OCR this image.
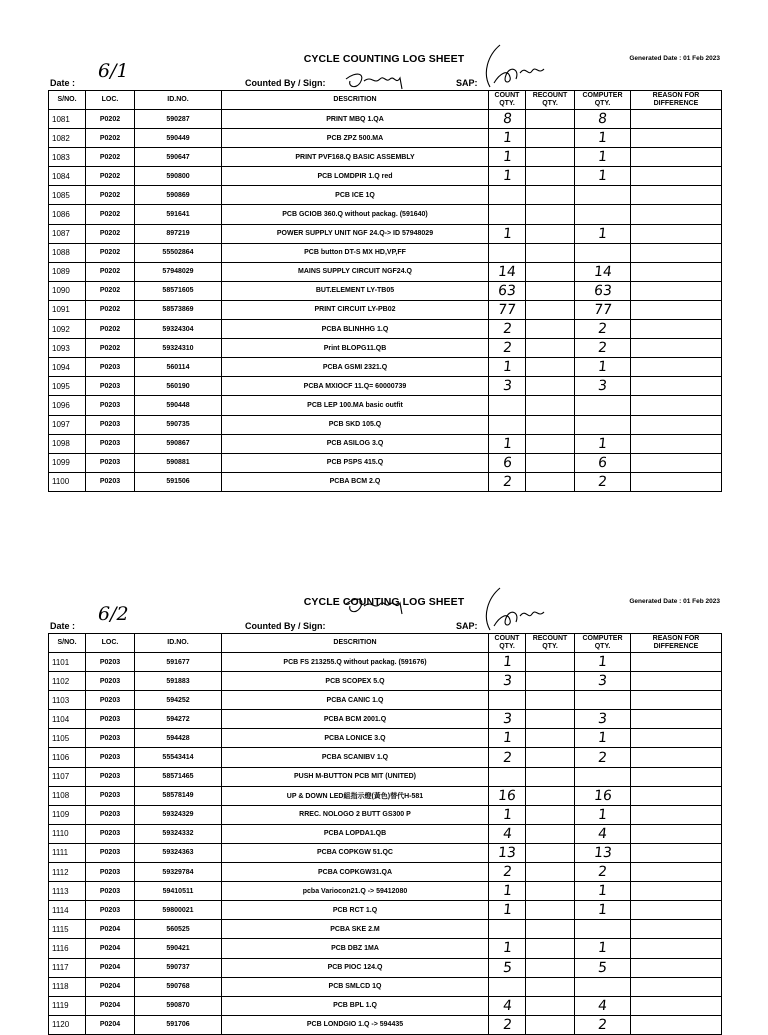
CYCLE COUNTING LOG SHEET	Generated Date : 01 Feb 2023
Date :
6/1
Counted By / Sign:	SAP:
S/NO.	LOC.	ID.NO.	DESCRITION	COUNT QTY.	RECOUNT QTY.	COMPUTER QTY.	REASON FOR DIFFERENCE
1081	P0202	590287	PRINT MBQ 1.QA	8		8	
1082	P0202	590449	PCB ZPZ 500.MA	1		1	
1083	P0202	590647	PRINT PVF168.Q BASIC ASSEMBLY	1		1	
1084	P0202	590800	PCB LOMDPIR 1.Q red	1		1	
1085	P0202	590869	PCB ICE 1Q				
1086	P0202	591641	PCB GCIOB 360.Q without packag. (591640)				
1087	P0202	897219	POWER SUPPLY UNIT NGF 24.Q-> ID 57948029	1		1	
1088	P0202	55502864	PCB button DT-S MX HD,VP,FF				
1089	P0202	57948029	MAINS SUPPLY CIRCUIT NGF24.Q	14		14	
1090	P0202	58571605	BUT.ELEMENT LY-TB05	63		63	
1091	P0202	58573869	PRINT CIRCUIT LY-PB02	77		77	
1092	P0202	59324304	PCBA BLINHHG 1.Q	2		2	
1093	P0202	59324310	Print BLOPG11.QB	2		2	
1094	P0203	560114	PCBA GSMI 2321.Q	1		1	
1095	P0203	560190	PCBA MXIOCF 11.Q= 60000739	3		3	
1096	P0203	590448	PCB LEP 100.MA basic outfit				
1097	P0203	590735	PCB SKD 105.Q				
1098	P0203	590867	PCB ASILOG 3.Q	1		1	
1099	P0203	590881	PCB PSPS 415.Q	6		6	
1100	P0203	591506	PCBA BCM 2.Q	2		2	
CYCLE COUNTING LOG SHEET	Generated Date : 01 Feb 2023
Date :
6/2
Counted By / Sign:	SAP:
S/NO.	LOC.	ID.NO.	DESCRITION	COUNT QTY.	RECOUNT QTY.	COMPUTER QTY.	REASON FOR DIFFERENCE
1101	P0203	591677	PCB FS 213255.Q without packag. (591676)	1		1	
1102	P0203	591883	PCB SCOPEX 5.Q	3		3	
1103	P0203	594252	PCBA CANIC 1.Q				
1104	P0203	594272	PCBA BCM 2001.Q	3		3	
1105	P0203	594428	PCBA LONICE 3.Q	1		1	
1106	P0203	55543414	PCBA SCANIBV 1.Q	2		2	
1107	P0203	58571465	PUSH M-BUTTON PCB MIT (UNITED)				
1108	P0203	58578149	UP & DOWN LED組指示燈(黃色)替代H-581	16		16	
1109	P0203	59324329	RREC. NOLOGO 2 BUTT GS300 P	1		1	
1110	P0203	59324332	PCBA LOPDA1.QB	4		4	
1111	P0203	59324363	PCBA COPKGW 51.QC	13		13	
1112	P0203	59329784	PCBA COPKGW31.QA	2		2	
1113	P0203	59410511	pcba Variocon21.Q -> 59412080	1		1	
1114	P0203	59800021	PCB RCT 1.Q	1		1	
1115	P0204	560525	PCBA SKE 2.M				
1116	P0204	590421	PCB DBZ 1MA	1		1	
1117	P0204	590737	PCB PIOC 124.Q	5		5	
1118	P0204	590768	PCB SMLCD 1Q				
1119	P0204	590870	PCB BPL 1.Q	4		4	
1120	P0204	591706	PCB LONDGIO 1.Q -> 594435	2		2	
